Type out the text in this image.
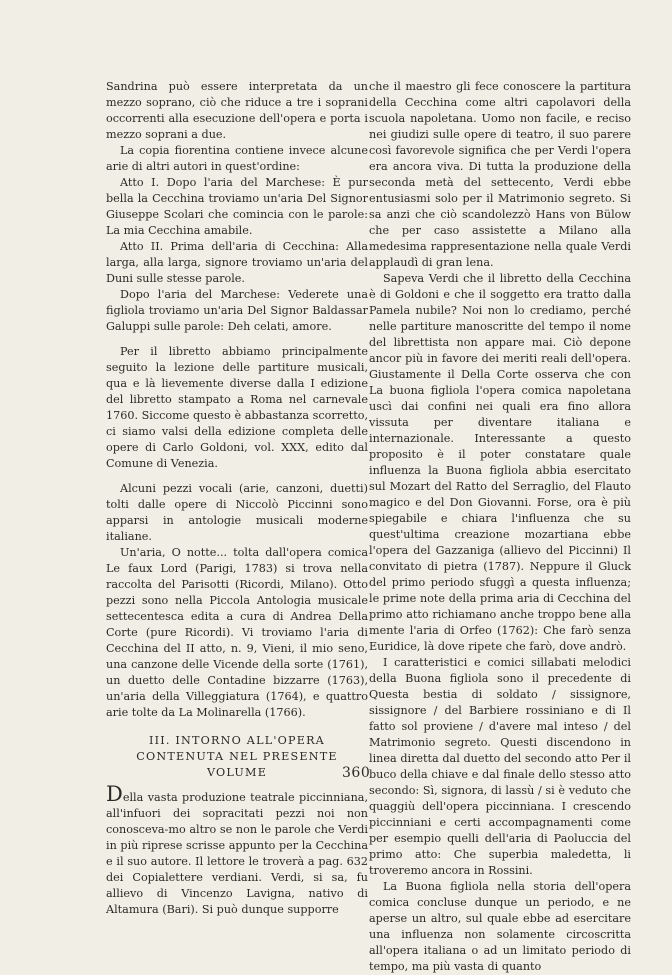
Sandrina può essere interpretata da un mezzo soprano, ciò che riduce a tre i soprani occorrenti alla esecuzione dell'opera e porta i mezzo soprani a due.

La copia fiorentina contiene invece alcune arie di altri autori in quest'ordine:

Atto I. Dopo l'aria del Marchese: È pur bella la Cecchina troviamo un'aria Del Signor Giuseppe Scolari che comincia con le parole: La mia Cecchina amabile.

Atto II. Prima dell'aria di Cecchina: Alla larga, alla larga, signore troviamo un'aria del Duni sulle stesse parole.

Dopo l'aria del Marchese: Vederete una figliola troviamo un'aria Del Signor Baldassar Galuppi sulle parole: Deh celati, amore.

Per il libretto abbiamo principalmente seguito la lezione delle partiture musicali, qua e là lievemente diverse dalla I edizione del libretto stampato a Roma nel carnevale 1760. Siccome questo è abbastanza scorretto, ci siamo valsi della edizione completa delle opere di Carlo Goldoni, vol. XXX, edito dal Comune di Venezia.

Alcuni pezzi vocali (arie, canzoni, duetti) tolti dalle opere di Niccolò Piccinni sono apparsi in antologie musicali moderne italiane.

Un'aria, O notte... tolta dall'opera comica Le faux Lord (Parigi, 1783) si trova nella raccolta del Parisotti (Ricordi, Milano). Otto pezzi sono nella Piccola Antologia musicale settecentesca edita a cura di Andrea Della Corte (pure Ricordi). Vi troviamo l'aria di Cecchina del II atto, n. 9, Vieni, il mio seno, una canzone delle Vicende della sorte (1761), un duetto delle Contadine bizzarre (1763), un'aria della Villeggiatura (1764), e quattro arie tolte da La Molinarella (1766).

III. INTORNO ALL'OPERA CONTENUTA NEL PRESENTE VOLUME

Della vasta produzione teatrale piccinniana, all'infuori dei sopracitati pezzi noi non conosceva-mo altro se non le parole che Verdi in più riprese scrisse appunto per la Cecchina e il suo autore. Il lettore le troverà a pag. 632 dei Copialettere verdiani. Verdi, si sa, fu allievo di Vincenzo Lavigna, nativo di Altamura (Bari). Si può dunque supporre

che il maestro gli fece conoscere la partitura della Cecchina come altri capolavori della scuola napoletana. Uomo non facile, e reciso nei giudizi sulle opere di teatro, il suo parere così favorevole significa che per Verdi l'opera era ancora viva. Di tutta la produzione della seconda metà del settecento, Verdi ebbe entusiasmi solo per il Matrimonio segreto. Si sa anzi che ciò scandolezzò Hans von Bülow che per caso assistette a Milano alla medesima rappresentazione nella quale Verdi applaudì di gran lena.

Sapeva Verdi che il libretto della Cecchina è di Goldoni e che il soggetto era tratto dalla Pamela nubile? Noi non lo crediamo, perché nelle partiture manoscritte del tempo il nome del librettista non appare mai. Ciò depone ancor più in favore dei meriti reali dell'opera. Giustamente il Della Corte osserva che con La buona figliola l'opera comica napoletana uscì dai confini nei quali era fino allora vissuta per diventare italiana e internazionale. Interessante a questo proposito è il poter constatare quale influenza la Buona figliola abbia esercitato sul Mozart del Ratto del Serraglio, del Flauto magico e del Don Giovanni. Forse, ora è più spiegabile e chiara l'influenza che su quest'ultima creazione mozartiana ebbe l'opera del Gazzaniga (allievo del Piccinni) Il convitato di pietra (1787). Neppure il Gluck del primo periodo sfuggì a questa influenza; le prime note della prima aria di Cecchina del primo atto richiamano anche troppo bene alla mente l'aria di Orfeo (1762): Che farò senza Euridice, là dove ripete che farò, dove andrò.

I caratteristici e comici sillabati melodici della Buona figliola sono il precedente di Questa bestia di soldato / sissignore, sissignore / del Barbiere rossiniano e di Il fatto sol proviene / d'avere mal inteso / del Matrimonio segreto. Questi discendono in linea diretta dal duetto del secondo atto Per il buco della chiave e dal finale dello stesso atto secondo: Sì, signora, di lassù / si è veduto che quaggiù dell'opera piccinniana. I crescendo piccinniani e certi accompagnamenti come per esempio quelli dell'aria di Paoluccia del primo atto: Che superbia maledetta, li troveremo ancora in Rossini.

La Buona figliola nella storia dell'opera comica concluse dunque un periodo, e ne aperse un altro, sul quale ebbe ad esercitare una influenza non solamente circoscritta all'opera italiana o ad un limitato periodo di tempo, ma più vasta di quanto

360
